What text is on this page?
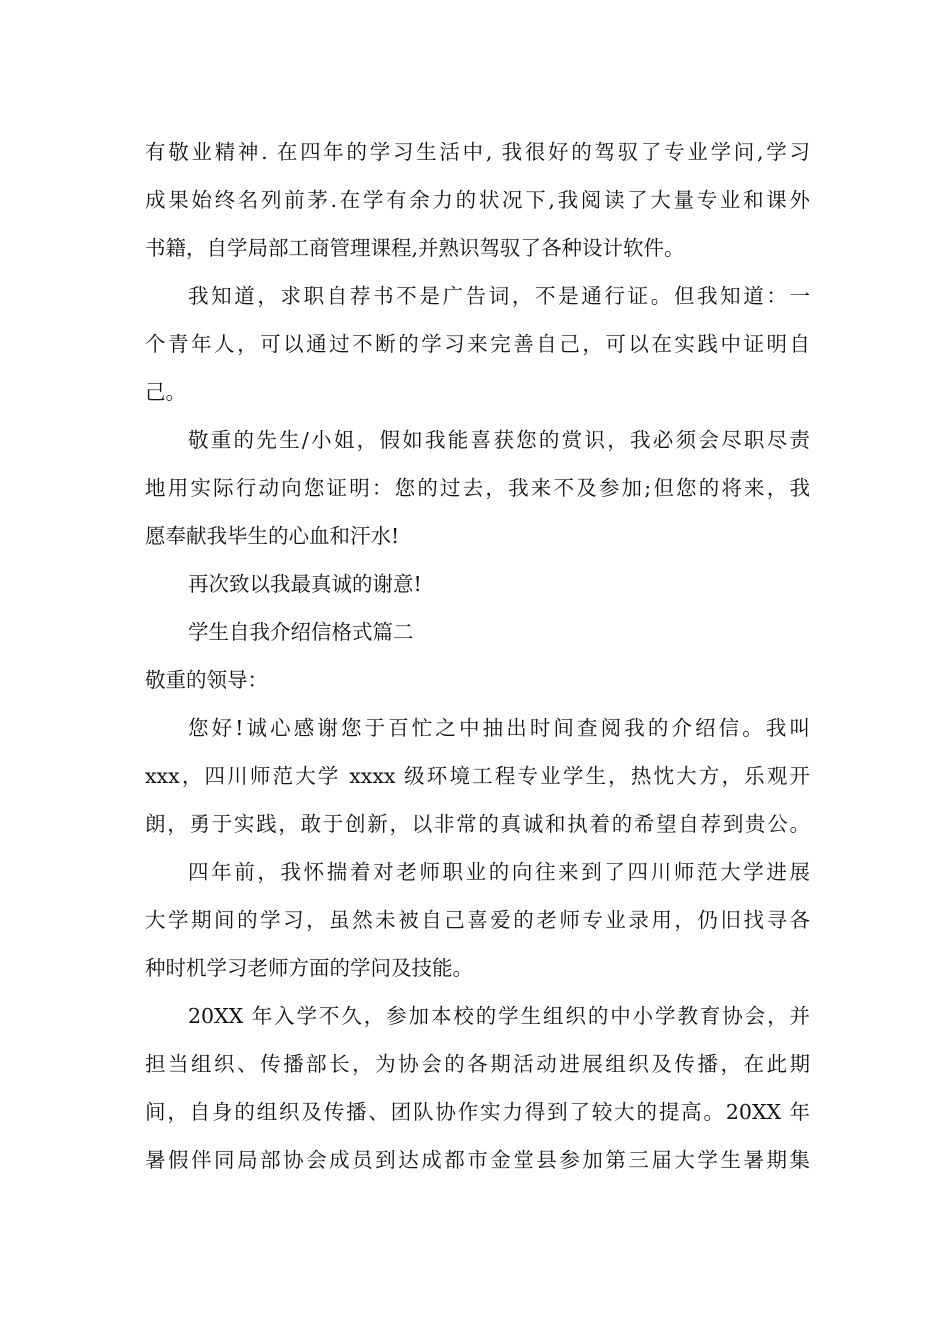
有敬业精神. 在四年的学习生活中, 我很好的驾驭了专业学问,学习
成果始终名列前茅.在学有余力的状况下,我阅读了大量专业和课外
书籍，自学局部工商管理课程,并熟识驾驭了各种设计软件。
我知道，求职自荐书不是广告词，不是通行证。但我知道：一
个青年人，可以通过不断的学习来完善自己，可以在实践中证明自
己。
敬重的先生/小姐，假如我能喜获您的赏识，我必须会尽职尽责
地用实际行动向您证明：您的过去，我来不及参加;但您的将来，我
愿奉献我毕生的心血和汗水!
再次致以我最真诚的谢意!
学生自我介绍信格式篇二
敬重的领导：
您好!诚心感谢您于百忙之中抽出时间查阅我的介绍信。我叫
xxx，四川师范大学 xxxx 级环境工程专业学生，热忱大方，乐观开
朗，勇于实践，敢于创新，以非常的真诚和执着的希望自荐到贵公。
四年前，我怀揣着对老师职业的向往来到了四川师范大学进展
大学期间的学习，虽然未被自己喜爱的老师专业录用，仍旧找寻各
种时机学习老师方面的学问及技能。
20XX 年入学不久，参加本校的学生组织的中小学教育协会，并
担当组织、传播部长，为协会的各期活动进展组织及传播，在此期
间，自身的组织及传播、团队协作实力得到了较大的提高。20XX 年
暑假伴同局部协会成员到达成都市金堂县参加第三届大学生暑期集
